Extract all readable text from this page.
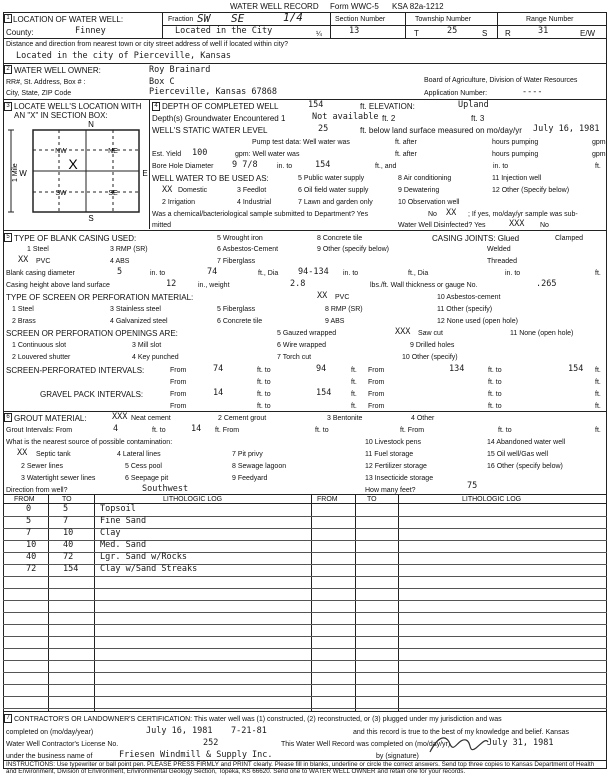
WATER WELL RECORD Form WWC-5 KSA 82a-1212
1 LOCATION OF WATER WELL:
County:	Finney
Fraction SW SE	1/4
Located in the City	¼
Section Number
13
Township Number
T	25	S
Range Number
R	31	E/W
Distance and direction from nearest town or city street address of well if located within city?
Located in the city of Pierceville, Kansas
2 WATER WELL OWNER:	Roy Brainard
RR#, St. Address, Box # :	Box C
City, State, ZIP Code	Pierceville, Kansas 67868
Board of Agriculture, Division of Water Resources
Application Number:	----
3 LOCATE WELL'S LOCATION WITH
AN "X" IN SECTION BOX:
N
S
W	E
1 Mile
NW	NE
SW	SE
X
4 DEPTH OF COMPLETED WELL	154	ft. ELEVATION:	Upland
Depth(s) Groundwater Encountered 1	Not available ft. 2	ft. 3
WELL'S STATIC WATER LEVEL	25	ft. below land surface measured on mo/day/yr July 16, 1981
Pump test data: Well water was	ft. after	hours pumping	gpm
Est. Yield 100	gpm: Well water was	ft. after	hours pumping	gpm
Bore Hole Diameter 9 7/8	in. to	154	ft., and	in. to	ft.
WELL WATER TO BE USED AS:
XX Domestic	3 Feedlot
5 Public water supply
6 Oil field water supply
8 Air conditioning
9 Dewatering
11 Injection well
12 Other (Specify below)
2 Irrigation	4 Industrial	7 Lawn and garden only	10 Observation well
Was a chemical/bacteriological sample submitted to Department? Yes	No XX ; If yes, mo/day/yr sample was sub-
mitted	Water Well Disinfected? Yes	XXX No
5 TYPE OF BLANK CASING USED:	5 Wrought iron	8 Concrete tile
1 Steel	3 RMP (SR)	6 Asbestos-Cement	9 Other (specify below)
XX PVC	4 ABS	7 Fiberglass
CASING JOINTS: Glued	Clamped
Welded
Threaded
Blank casing diameter	5	in. to	74	ft., Dia 94-134 in. to	ft., Dia	in. to	ft.
Casing height above land surface	12	in., weight	2.8	lbs./ft. Wall thickness or gauge No.	.265
TYPE OF SCREEN OR PERFORATION MATERIAL:	XX PVC	10 Asbestos-cement
1 Steel	3 Stainless steel	5 Fiberglass	8 RMP (SR)	11 Other (specify)
2 Brass	4 Galvanized steel	6 Concrete tile	9 ABS	12 None used (open hole)
SCREEN OR PERFORATION OPENINGS ARE:	5 Gauzed wrapped	XXX Saw cut	11 None (open hole)
1 Continuous slot	3 Mill slot	6 Wire wrapped	9 Drilled holes
2 Louvered shutter	4 Key punched	7 Torch cut	10 Other (specify)
SCREEN-PERFORATED INTERVALS:	From	74	ft. to	94	ft. From	134	ft. to	154 ft.
From	ft. to	ft. From	ft. to	ft.
GRAVEL PACK INTERVALS:	From	14	ft. to	154	ft. From	ft. to	ft.
From	ft. to	ft. From	ft. to	ft.
6 GROUT MATERIAL:	XXX Neat cement	2 Cement grout	3 Bentonite	4 Other
Grout Intervals: From	4	ft. to	14 ft. From	ft. to	ft. From	ft. to	ft.
What is the nearest source of possible contamination:	10 Livestock pens	14 Abandoned water well
XX Septic tank	4 Lateral lines	7 Pit privy	11 Fuel storage	15 Oil well/Gas well
2 Sewer lines	5 Cess pool	8 Sewage lagoon	12 Fertilizer storage	16 Other (specify below)
3 Watertight sewer lines	6 Seepage pit	9 Feedyard	13 Insecticide storage
Direction from well?	Southwest	How many feet?	75
FROM	TO	LITHOLOGIC LOG	FROM	TO	LITHOLOGIC LOG
0	5	Topsoil
5	7	Fine Sand
7	10	Clay
10	40	Med. Sand
40	72	Lgr. Sand w/Rocks
72	154	Clay w/Sand Streaks
7 CONTRACTOR'S OR LANDOWNER'S CERTIFICATION: This water well was (1) constructed, (2) reconstructed, or (3) plugged under my jurisdiction and was
completed on (mo/day/year)	July 16, 1981 7-21-81	and this record is true to the best of my knowledge and belief. Kansas
Water Well Contractor's License No.	252	This Water Well Record was completed on (mo/day/yr)	July 31, 1981
under the business name of	Friesen Windmill & Supply Inc.	by (signature)
INSTRUCTIONS: Use typewriter or ball point pen. PLEASE PRESS FIRMLY and PRINT clearly. Please fill in blanks, underline or circle the correct answers. Send top three copies to Kansas Department of Health and Environment, Division of Environment, Environmental Geology Section, Topeka, KS 66620. Send one to WATER WELL OWNER and retain one for your records.
